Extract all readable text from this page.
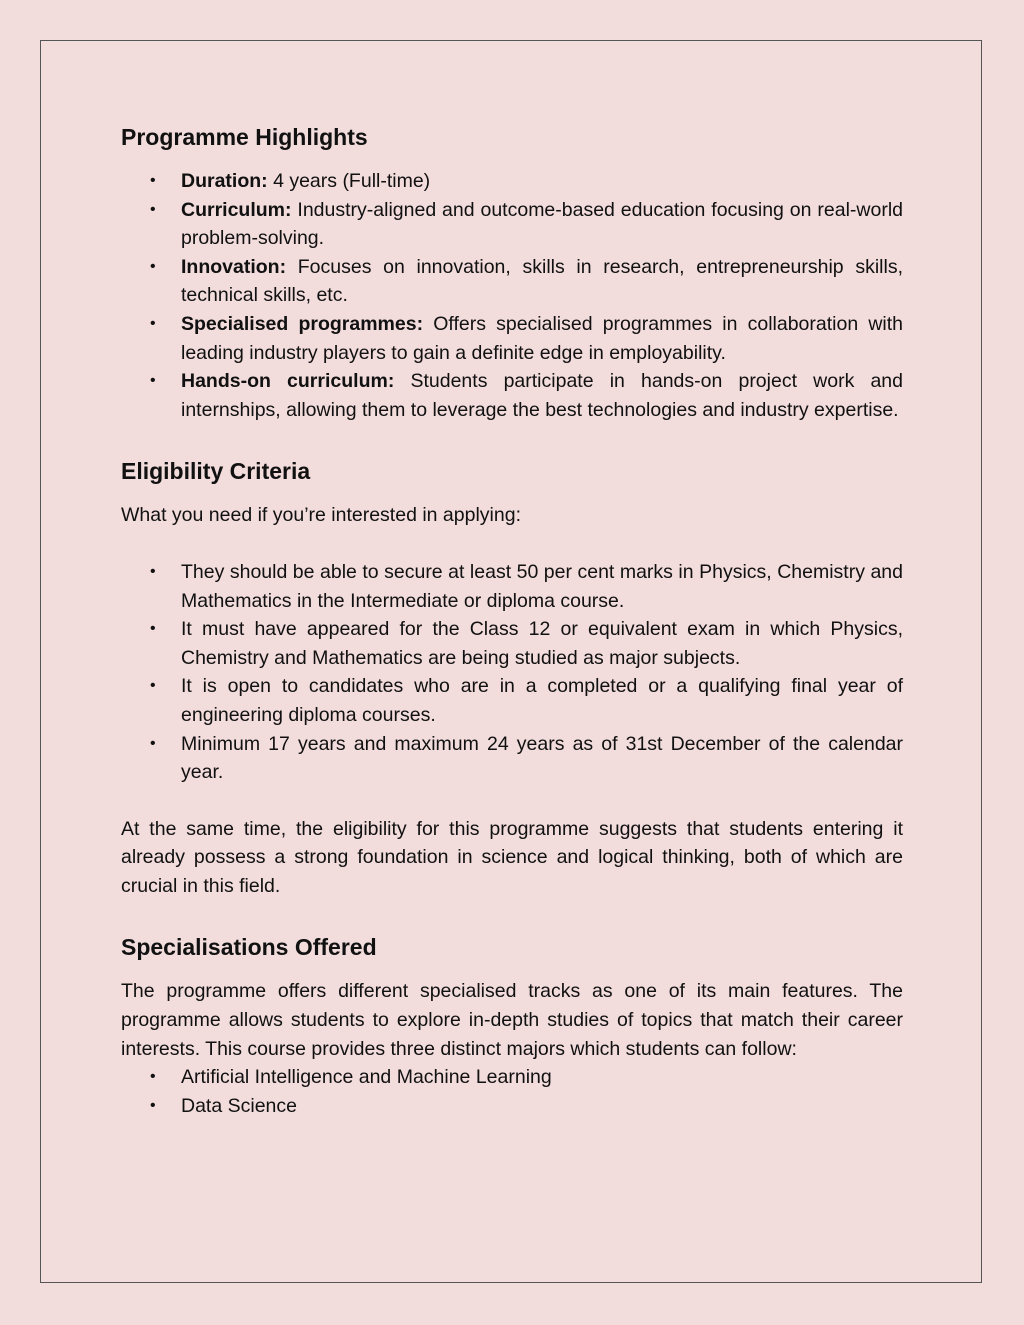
Programme Highlights
• Duration: 4 years (Full-time)
• Curriculum: Industry-aligned and outcome-based education focusing on real-world problem-solving.
• Innovation: Focuses on innovation, skills in research, entrepreneurship skills, technical skills, etc.
• Specialised programmes: Offers specialised programmes in collaboration with leading industry players to gain a definite edge in employability.
• Hands-on curriculum: Students participate in hands-on project work and internships, allowing them to leverage the best technologies and industry expertise.
Eligibility Criteria

What you need if you’re interested in applying:

• They should be able to secure at least 50 per cent marks in Physics, Chemistry and Mathematics in the Intermediate or diploma course.
• It must have appeared for the Class 12 or equivalent exam in which Physics, Chemistry and Mathematics are being studied as major subjects.
• It is open to candidates who are in a completed or a qualifying final year of engineering diploma courses.
• Minimum 17 years and maximum 24 years as of 31st December of the calendar year.

At the same time, the eligibility for this programme suggests that students entering it already possess a strong foundation in science and logical thinking, both of which are crucial in this field.

Specialisations Offered

The programme offers different specialised tracks as one of its main features. The programme allows students to explore in-depth studies of topics that match their career interests. This course provides three distinct majors which students can follow:

• Artificial Intelligence and Machine Learning
• Data Science
